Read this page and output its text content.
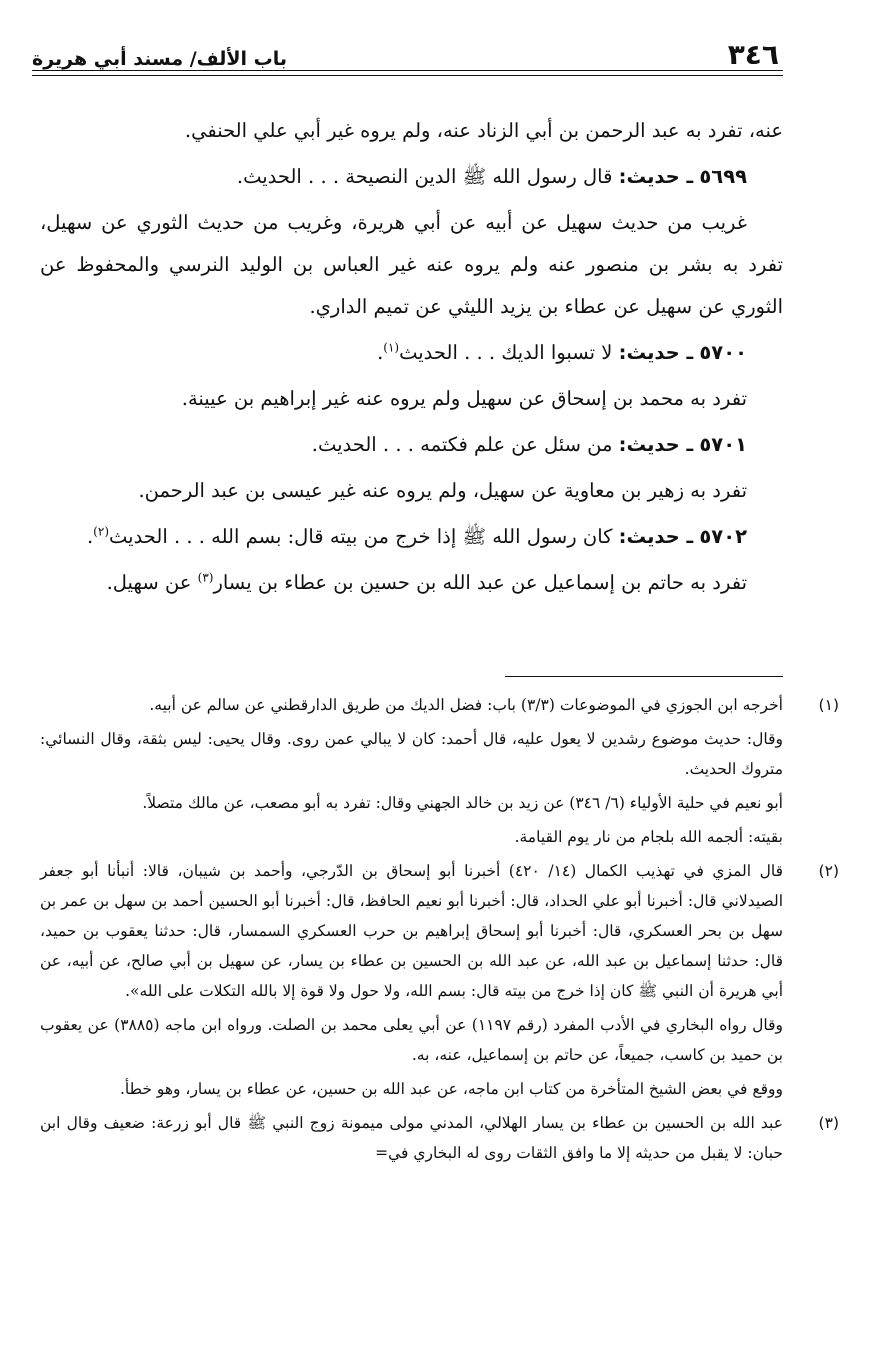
٣٤٦
باب الألف/ مسند أبي هريرة

عنه، تفرد به عبد الرحمن بن أبي الزناد عنه، ولم يروه غير أبي علي الحنفي.

٥٦٩٩ ـ حديث: قال رسول الله ﷺ الدين النصيحة . . . الحديث.

غريب من حديث سهيل عن أبيه عن أبي هريرة، وغريب من حديث الثوري عن سهيل، تفرد به بشر بن منصور عنه ولم يروه عنه غير العباس بن الوليد النرسي والمحفوظ عن الثوري عن سهيل عن عطاء بن يزيد الليثي عن تميم الداري.

٥٧٠٠ ـ حديث: لا تسبوا الديك . . . الحديث$^{(١)}$.

تفرد به محمد بن إسحاق عن سهيل ولم يروه عنه غير إبراهيم بن عيينة.

٥٧٠١ ـ حديث: من سئل عن علم فكتمه . . . الحديث.

تفرد به زهير بن معاوية عن سهيل، ولم يروه عنه غير عيسى بن عبد الرحمن.

٥٧٠٢ ـ حديث: كان رسول الله ﷺ إذا خرج من بيته قال: بسم الله . . . الحديث$^{(٢)}$.

تفرد به حاتم بن إسماعيل عن عبد الله بن حسين بن عطاء بن يسار$^{(٣)}$ عن سهيل.

(١)

أخرجه ابن الجوزي في الموضوعات (٣/٣) باب: فضل الديك من طريق الدارقطني عن سالم عن أبيه.

وقال: حديث موضوع رشدين لا يعول عليه، قال أحمد: كان لا يبالي عمن روى. وقال يحيى: ليس بثقة، وقال النسائي: متروك الحديث.

أبو نعيم في حلية الأولياء (٦/ ٣٤٦) عن زيد بن خالد الجهني وقال: تفرد به أبو مصعب، عن مالك متصلاً.

بقيته: ألجمه الله بلجام من نار يوم القيامة.

(٢)

قال المزي في تهذيب الكمال (١٤/ ٤٢٠) أخبرنا أبو إسحاق بن الدّرجي، وأحمد بن شيبان، قالا: أنبأنا أبو جعفر الصيدلاني قال: أخبرنا أبو علي الحداد، قال: أخبرنا أبو نعيم الحافظ، قال: أخبرنا أبو الحسين أحمد بن سهل بن عمر بن سهل بن بحر العسكري، قال: أخبرنا أبو إسحاق إبراهيم بن حرب العسكري السمسار، قال: حدثنا يعقوب بن حميد، قال: حدثنا إسماعيل بن عبد الله، عن عبد الله بن الحسين بن عطاء بن يسار، عن سهيل بن أبي صالح، عن أبيه، عن أبي هريرة أن النبي ﷺ كان إذا خرج من بيته قال: بسم الله، ولا حول ولا قوة إلا بالله التكلات على الله».

وقال رواه البخاري في الأدب المفرد (رقم ١١٩٧) عن أبي يعلى محمد بن الصلت. ورواه ابن ماجه (٣٨٨٥) عن يعقوب بن حميد بن كاسب، جميعاً، عن حاتم بن إسماعيل، عنه، به.

ووقع في بعض الشيخ المتأخرة من كتاب ابن ماجه، عن عبد الله بن حسين، عن عطاء بن يسار، وهو خطأ.

(٣)

عبد الله بن الحسين بن عطاء بن يسار الهلالي، المدني مولى ميمونة زوج النبي ﷺ قال أبو زرعة: ضعيف وقال ابن حبان: لا يقبل من حديثه إلا ما وافق الثقات روى له البخاري في=
